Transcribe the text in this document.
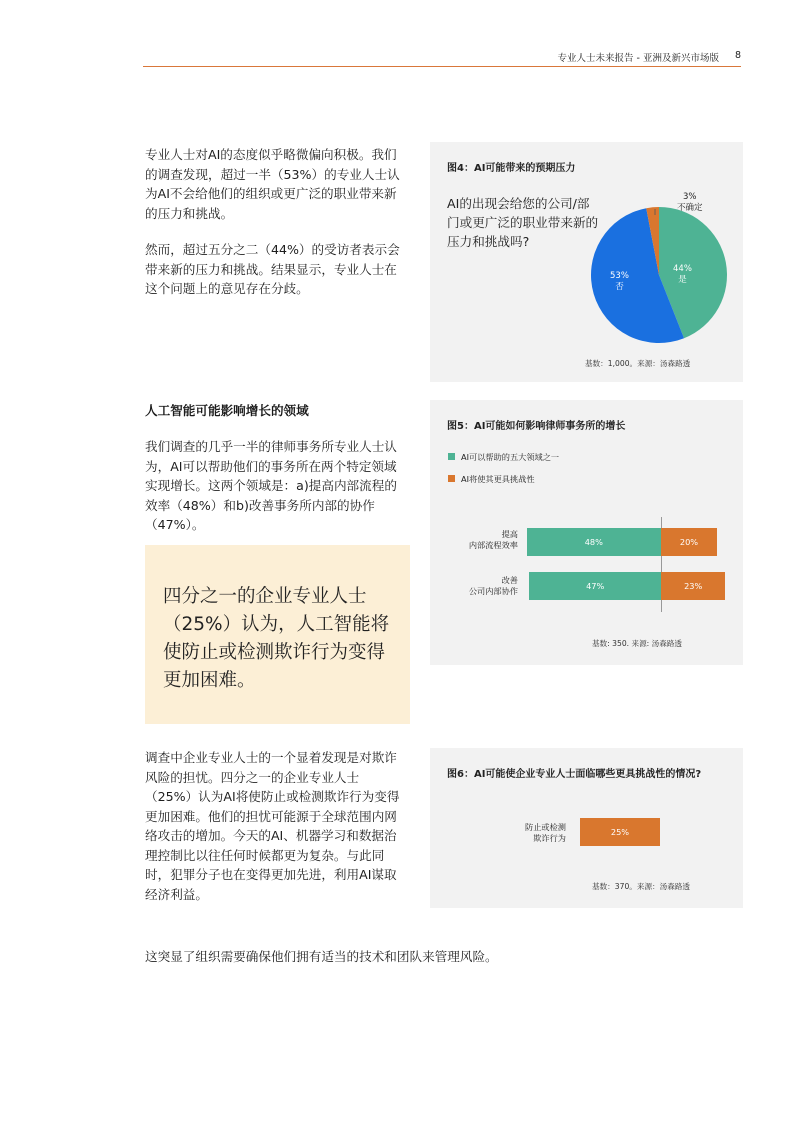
专业人士未来报告 - 亚洲及新兴市场版 8

专业人士对AI的态度似乎略微偏向积极。我们的调查发现，超过一半（53%）的专业人士认为AI不会给他们的组织或更广泛的职业带来新的压力和挑战。

然而，超过五分之二（44%）的受访者表示会带来新的压力和挑战。结果显示，专业人士在这个问题上的意见存在分歧。

人工智能可能影响增长的领域

我们调查的几乎一半的律师事务所专业人士认为，AI可以帮助他们的事务所在两个特定领域实现增长。这两个领域是：a)提高内部流程的效率（48%）和b)改善事务所内部的协作（47%）。

四分之一的企业专业人士（25%）认为，人工智能将使防止或检测欺诈行为变得更加困难。

调查中企业专业人士的一个显着发现是对欺诈风险的担忧。四分之一的企业专业人士（25%）认为AI将使防止或检测欺诈行为变得更加困难。他们的担忧可能源于全球范围内网络攻击的增加。今天的AI、机器学习和数据治理控制比以往任何时候都更为复杂。与此同时，犯罪分子也在变得更加先进，利用AI谋取经济利益。

这突显了组织需要确保他们拥有适当的技术和团队来管理风险。

图4：AI可能带来的预期压力

AI的出现会给您的公司/部门或更广泛的职业带来新的压力和挑战吗?

3%
不确定
44%
是
53%
否
基数：1,000。来源：汤森路透
图5：AI可能如何影响律师事务所的增长
AI可以帮助的五大领域之一
AI将使其更具挑战性
提高
内部流程效率
改善
公司内部协作
48%	20%
47%	23%
基数: 350. 来源: 汤森路透
图6：AI可能使企业专业人士面临哪些更具挑战性的情况?
防止或检测
欺诈行为
25%
基数：370。来源：汤森路透
